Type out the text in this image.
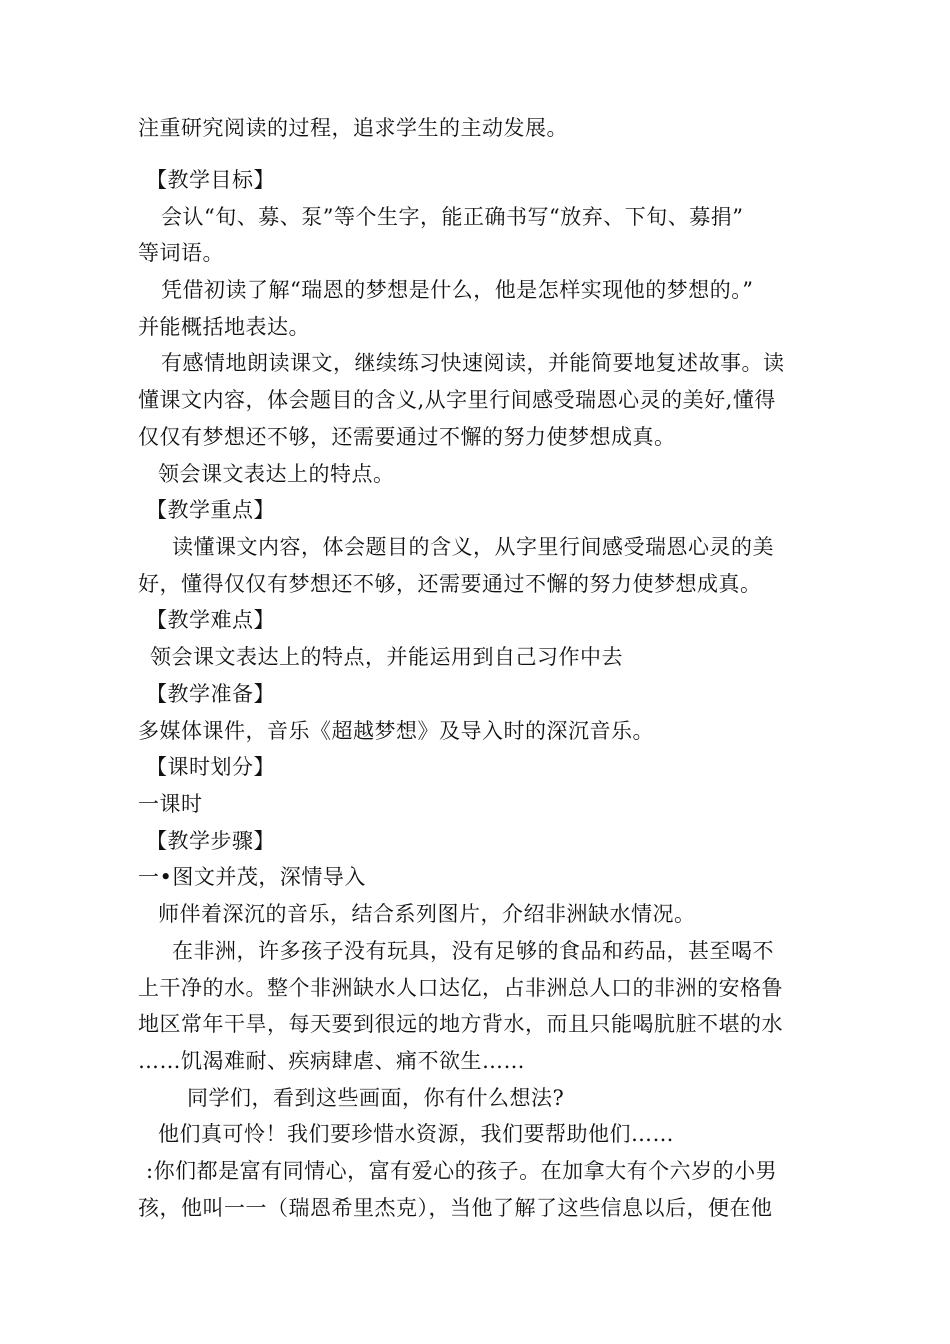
注重研究阅读的过程，追求学生的主动发展。
【教学目标】
会认“旬、募、泵”等个生字，能正确书写“放弃、下旬、募捐”
等词语。
凭借初读了解“瑞恩的梦想是什么，他是怎样实现他的梦想的。”
并能概括地表达。
有感情地朗读课文，继续练习快速阅读，并能简要地复述故事。读
懂课文内容，体会题目的含义,从字里行间感受瑞恩心灵的美好,懂得
仅仅有梦想还不够，还需要通过不懈的努力使梦想成真。
领会课文表达上的特点。
【教学重点】
读懂课文内容，体会题目的含义，从字里行间感受瑞恩心灵的美
好，懂得仅仅有梦想还不够，还需要通过不懈的努力使梦想成真。
【教学难点】
领会课文表达上的特点，并能运用到自己习作中去
【教学准备】
多媒体课件，音乐《超越梦想》及导入时的深沉音乐。
【课时划分】
一课时
【教学步骤】
一•图文并茂，深情导入
师伴着深沉的音乐，结合系列图片，介绍非洲缺水情况。
在非洲，许多孩子没有玩具，没有足够的食品和药品，甚至喝不
上干净的水。整个非洲缺水人口达亿，占非洲总人口的非洲的安格鲁
地区常年干旱，每天要到很远的地方背水，而且只能喝肮脏不堪的水
……饥渴难耐、疾病肆虐、痛不欲生……
同学们，看到这些画面，你有什么想法?
他们真可怜！我们要珍惜水资源，我们要帮助他们……
:你们都是富有同情心，富有爱心的孩子。在加拿大有个六岁的小男
孩，他叫一一（瑞恩希里杰克），当他了解了这些信息以后，便在他
